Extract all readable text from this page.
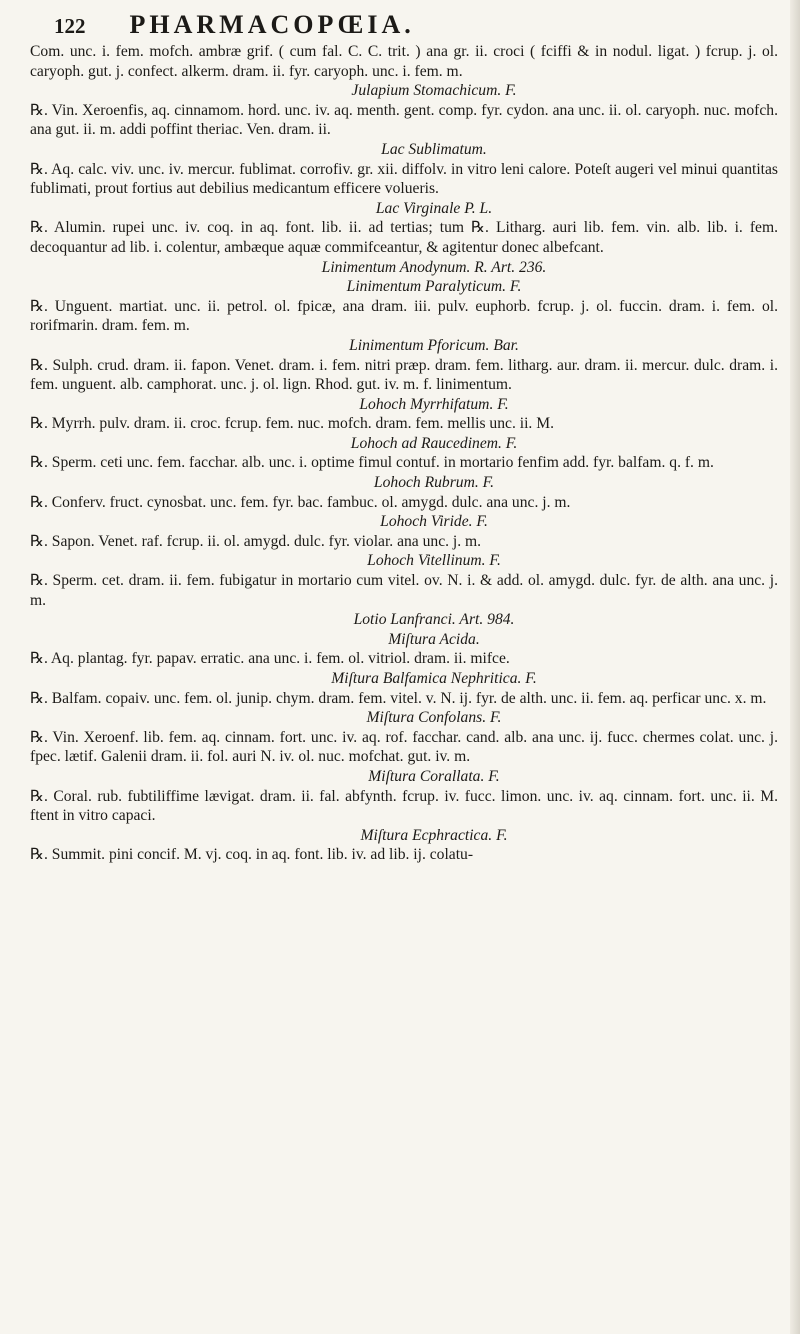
122 PHARMACOPŒIA.

Com. unc. i. fem. mofch. ambræ grif. ( cum fal. C. C. trit. ) ana gr. ii. croci ( fciffi & in nodul. ligat. ) fcrup. j. ol. caryoph. gut. j. confect. alkerm. dram. ii. fyr. caryoph. unc. i. fem. m.

Julapium Stomachicum. F.

℞. Vin. Xeroenfis, aq. cinnamom. hord. unc. iv. aq. menth. gent. comp. fyr. cydon. ana unc. ii. ol. caryoph. nuc. mofch. ana gut. ii. m. addi poffint theriac. Ven. dram. ii.

Lac Sublimatum.

℞. Aq. calc. viv. unc. iv. mercur. fublimat. corrofiv. gr. xii. diffolv. in vitro leni calore. Poteſt augeri vel minui quantitas fublimati, prout fortius aut debilius medicantum efficere volueris.

Lac Virginale P. L.

℞. Alumin. rupei unc. iv. coq. in aq. font. lib. ii. ad tertias; tum ℞. Litharg. auri lib. fem. vin. alb. lib. i. fem. decoquantur ad lib. i. colentur, ambæque aquæ commifceantur, & agitentur donec albefcant.

Linimentum Anodynum. R. Art. 236.

Linimentum Paralyticum. F.

℞. Unguent. martiat. unc. ii. petrol. ol. fpicæ, ana dram. iii. pulv. euphorb. fcrup. j. ol. fuccin. dram. i. fem. ol. rorifmarin. dram. fem. m.

Linimentum Pforicum. Bar.

℞. Sulph. crud. dram. ii. fapon. Venet. dram. i. fem. nitri præp. dram. fem. litharg. aur. dram. ii. mercur. dulc. dram. i. fem. unguent. alb. camphorat. unc. j. ol. lign. Rhod. gut. iv. m. f. linimentum.

Lohoch Myrrhifatum. F.

℞. Myrrh. pulv. dram. ii. croc. fcrup. fem. nuc. mofch. dram. fem. mellis unc. ii. M.

Lohoch ad Raucedinem. F.

℞. Sperm. ceti unc. fem. facchar. alb. unc. i. optime fimul contuf. in mortario fenfim add. fyr. balfam. q. f. m.

Lohoch Rubrum. F.

℞. Conferv. fruct. cynosbat. unc. fem. fyr. bac. fambuc. ol. amygd. dulc. ana unc. j. m.

Lohoch Viride. F.

℞. Sapon. Venet. raf. fcrup. ii. ol. amygd. dulc. fyr. violar. ana unc. j. m.

Lohoch Vitellinum. F.

℞. Sperm. cet. dram. ii. fem. fubigatur in mortario cum vitel. ov. N. i. & add. ol. amygd. dulc. fyr. de alth. ana unc. j. m.

Lotio Lanfranci. Art. 984.

Miſtura Acida.

℞. Aq. plantag. fyr. papav. erratic. ana unc. i. fem. ol. vitriol. dram. ii. mifce.

Miſtura Balfamica Nephritica. F.

℞. Balfam. copaiv. unc. fem. ol. junip. chym. dram. fem. vitel. v. N. ij. fyr. de alth. unc. ii. fem. aq. perficar unc. x. m.

Miſtura Confolans. F.

℞. Vin. Xeroenf. lib. fem. aq. cinnam. fort. unc. iv. aq. rof. facchar. cand. alb. ana unc. ij. fucc. chermes colat. unc. j. fpec. lætif. Galenii dram. ii. fol. auri N. iv. ol. nuc. mofchat. gut. iv. m.

Miſtura Corallata. F.

℞. Coral. rub. fubtiliffime lævigat. dram. ii. fal. abfynth. fcrup. iv. fucc. limon. unc. iv. aq. cinnam. fort. unc. ii. M. ftent in vitro capaci.

Miſtura Ecphractica. F.

℞. Summit. pini concif. M. vj. coq. in aq. font. lib. iv. ad lib. ij. colatu-
